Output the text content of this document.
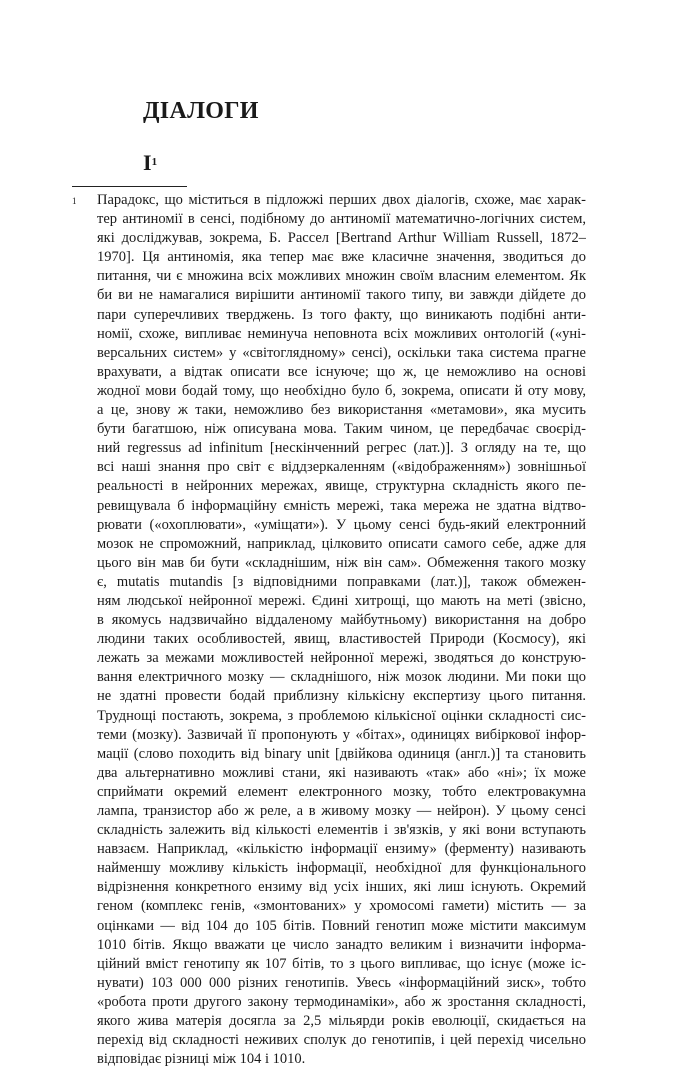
ДІАЛОГИ
$I^1$
1 Парадокс, що міститься в підложжі перших двох діалогів, схоже, має харак-
тер антиномії в сенсі, подібному до антиномії математично-логічних систем,
які досліджував, зокрема, Б. Рассел [Bertrand Arthur William Russell, 1872–
1970]. Ця антиномія, яка тепер має вже класичне значення, зводиться до
питання, чи є множина всіх можливих множин своїм власним елементом. Як
би ви не намагалися вирішити антиномії такого типу, ви завжди дійдете до
пари суперечливих тверджень. Із того факту, що виникають подібні анти-
номії, схоже, випливає неминуча неповнота всіх можливих онтологій («уні-
версальних систем» у «світоглядному» сенсі), оскільки така система прагне
врахувати, а відтак описати все існуюче; що ж, це неможливо на основі
жодної мови бодай тому, що необхідно було б, зокрема, описати й оту мову,
а це, знову ж таки, неможливо без використання «метамови», яка мусить
бути багатшою, ніж описувана мова. Таким чином, це передбачає своєрід-
ний regressus ad infinitum [нескінченний регрес (лат.)]. З огляду на те, що
всі наші знання про світ є віддзеркаленням («відображенням») зовнішньої
реальності в нейронних мережах, явище, структурна складність якого пе-
ревищувала б інформаційну ємність мережі, така мережа не здатна відтво-
рювати («охоплювати», «уміщати»). У цьому сенсі будь-який електронний
мозок не спроможний, наприклад, цілковито описати самого себе, адже для
цього він мав би бути «складнішим, ніж він сам». Обмеження такого мозку
є, mutatis mutandis [з відповідними поправками (лат.)], також обмежен-
ням людської нейронної мережі. Єдині хитрощі, що мають на меті (звісно,
в якомусь надзвичайно віддаленому майбутньому) використання на добро
людини таких особливостей, явищ, властивостей Природи (Космосу), які
лежать за межами можливостей нейронної мережі, зводяться до конструю-
вання електричного мозку — складнішого, ніж мозок людини. Ми поки що
не здатні провести бодай приблизну кількісну експертизу цього питання.
Труднощі постають, зокрема, з проблемою кількісної оцінки складності сис-
теми (мозку). Зазвичай її пропонують у «бітах», одиницях вибіркової інфор-
мації (слово походить від binary unit [двійкова одиниця (англ.)] та становить
два альтернативно можливі стани, які називають «так» або «ні»; їх може
сприймати окремий елемент електронного мозку, тобто електровакумна
лампа, транзистор або ж реле, а в живому мозку — нейрон). У цьому сенсі
складність залежить від кількості елементів і зв'язків, у які вони вступають
навзаєм. Наприклад, «кількістю інформації ензиму» (ферменту) називають
найменшу можливу кількість інформації, необхідної для функціонального
відрізнення конкретного ензиму від усіх інших, які лиш існують. Окремий
геном (комплекс генів, «змонтованих» у хромосомі гамети) містить — за
оцінками — від 104 до 105 бітів. Повний генотип може містити максимум
1010 бітів. Якщо вважати це число занадто великим і визначити інформа-
ційний вміст генотипу як 107 бітів, то з цього випливає, що існує (може іс-
нувати) 103 000 000 різних генотипів. Увесь «інформаційний зиск», тобто
«робота проти другого закону термодинаміки», або ж зростання складності,
якого жива матерія досягла за 2,5 мільярди років еволюції, скидається на
перехід від складності неживих сполук до генотипів, і цей перехід чисельно
відповідає різниці між 104 і 1010.
